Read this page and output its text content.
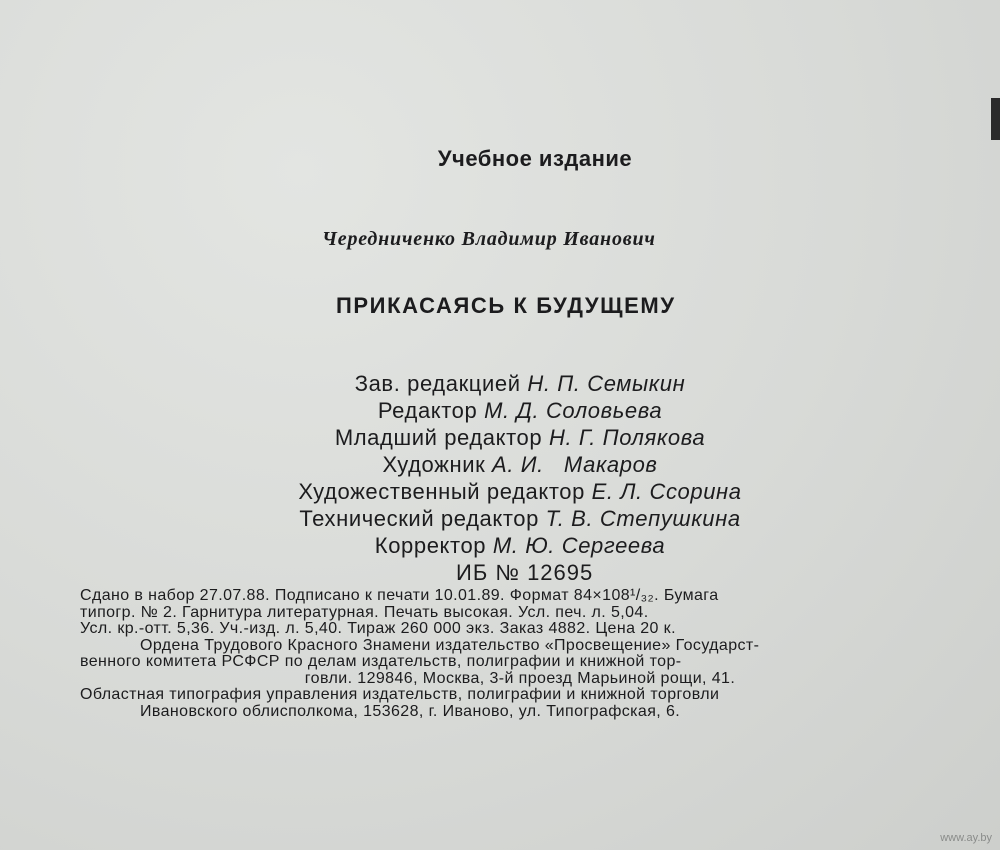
Учебное издание
Чередниченко Владимир Иванович
ПРИКАСАЯСЬ К БУДУЩЕМУ
Зав. редакцией Н. П. Семыкин
Редактор М. Д. Соловьева
Младший редактор Н. Г. Полякова
Художник А. И.   Макаров
Художественный редактор Е. Л. Ссорина
Технический редактор Т. В. Степушкина
Корректор М. Ю. Сергеева
ИБ № 12695
Сдано в набор 27.07.88. Подписано к печати 10.01.89. Формат 84×108¹/₃₂. Бумага
типогр. № 2. Гарнитура литературная. Печать высокая. Усл. печ. л. 5,04.
Усл. кр.-отт. 5,36. Уч.-изд. л. 5,40. Тираж 260 000 экз. Заказ 4882. Цена 20 к.
Ордена Трудового Красного Знамени издательство «Просвещение» Государст-
венного комитета РСФСР по делам издательств, полиграфии и книжной тор-
говли. 129846, Москва, 3-й проезд Марьиной рощи, 41.
Областная типография управления издательств, полиграфии и книжной торговли
Ивановского облисполкома, 153628, г. Иваново, ул. Типографская, 6.
www.ay.by
